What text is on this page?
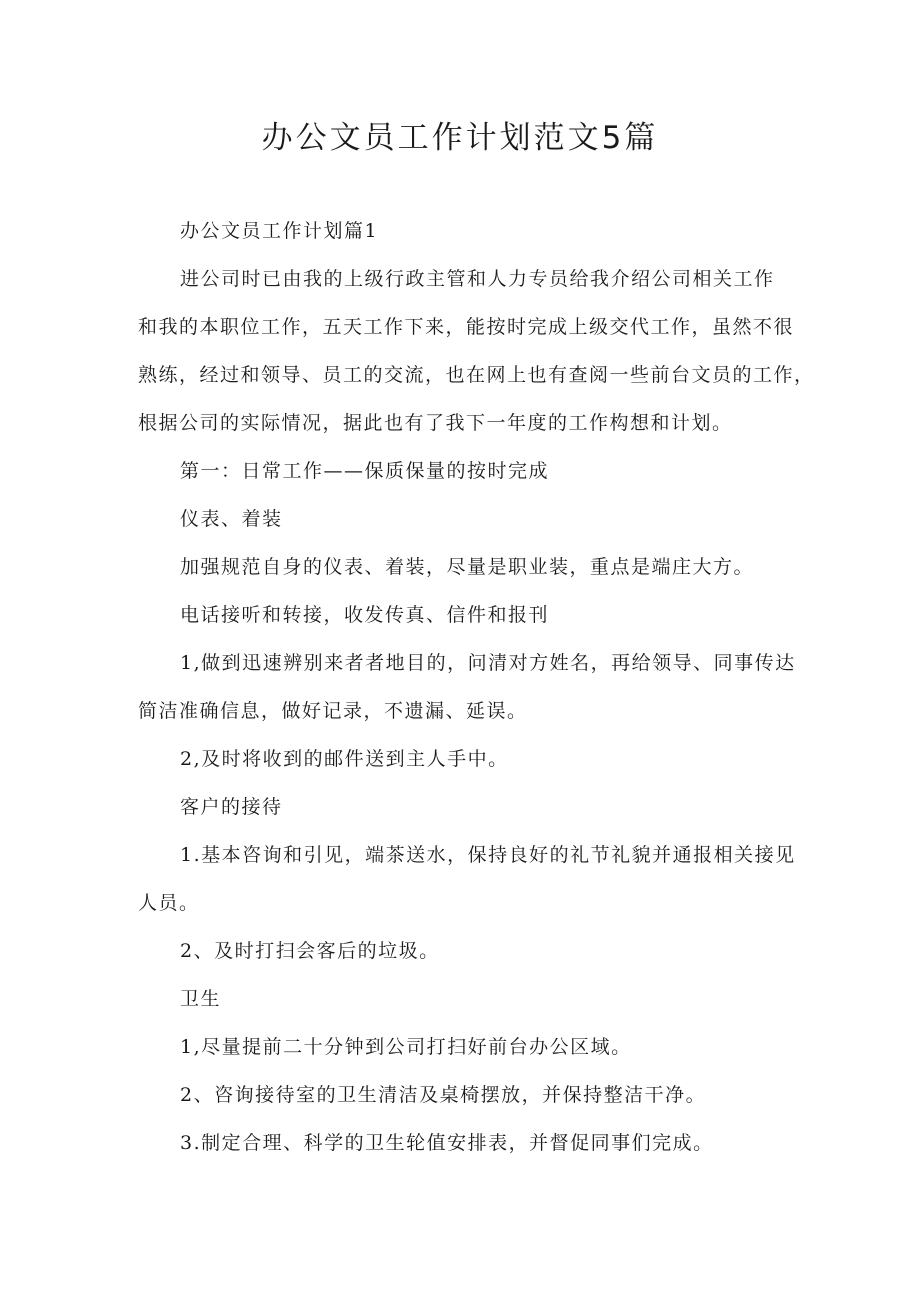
办公文员工作计划范文5篇
办公文员工作计划篇1
进公司时已由我的上级行政主管和人力专员给我介绍公司相关工作
和我的本职位工作，五天工作下来，能按时完成上级交代工作，虽然不很
熟练，经过和领导、员工的交流，也在网上也有查阅一些前台文员的工作，
根据公司的实际情况，据此也有了我下一年度的工作构想和计划。
第一：日常工作——保质保量的按时完成
仪表、着装
加强规范自身的仪表、着装，尽量是职业装，重点是端庄大方。
电话接听和转接，收发传真、信件和报刊
1,做到迅速辨别来者者地目的，问清对方姓名，再给领导、同事传达
简洁准确信息，做好记录，不遗漏、延误。
2,及时将收到的邮件送到主人手中。
客户的接待
1.基本咨询和引见，端茶送水，保持良好的礼节礼貌并通报相关接见
人员。
2、及时打扫会客后的垃圾。
卫生
1,尽量提前二十分钟到公司打扫好前台办公区域。
2、咨询接待室的卫生清洁及桌椅摆放，并保持整洁干净。
3.制定合理、科学的卫生轮值安排表，并督促同事们完成。
